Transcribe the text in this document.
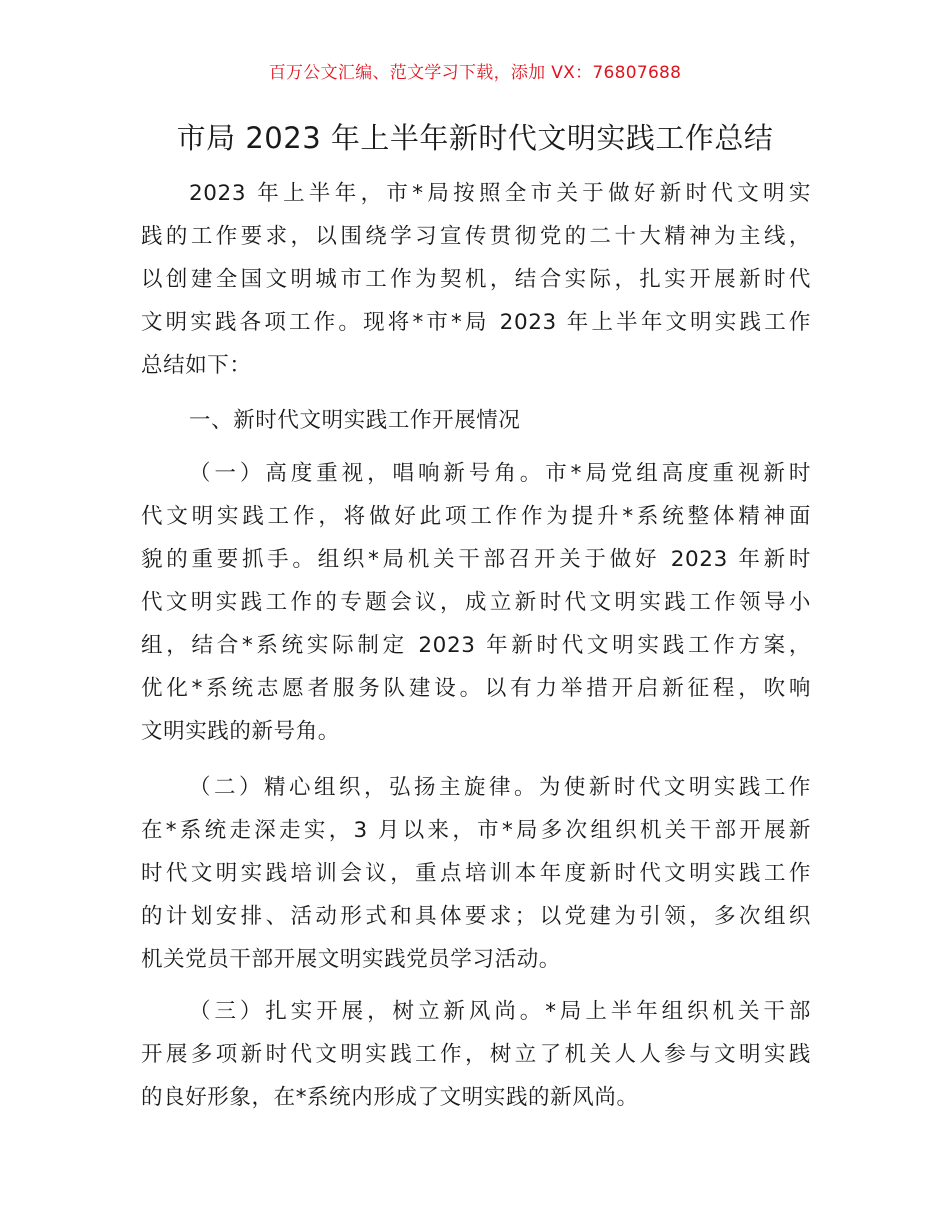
百万公文汇编、范文学习下载，添加 VX：76807688
市局 2023 年上半年新时代文明实践工作总结
2023 年上半年，市*局按照全市关于做好新时代文明实
践的工作要求，以围绕学习宣传贯彻党的二十大精神为主线，
以创建全国文明城市工作为契机，结合实际，扎实开展新时代
文明实践各项工作。现将*市*局 2023 年上半年文明实践工作
总结如下：
一、新时代文明实践工作开展情况
（一）高度重视，唱响新号角。市*局党组高度重视新时
代文明实践工作，将做好此项工作作为提升*系统整体精神面
貌的重要抓手。组织*局机关干部召开关于做好 2023 年新时
代文明实践工作的专题会议，成立新时代文明实践工作领导小
组，结合*系统实际制定 2023 年新时代文明实践工作方案，
优化*系统志愿者服务队建设。以有力举措开启新征程，吹响
文明实践的新号角。
（二）精心组织，弘扬主旋律。为使新时代文明实践工作
在*系统走深走实，3 月以来，市*局多次组织机关干部开展新
时代文明实践培训会议，重点培训本年度新时代文明实践工作
的计划安排、活动形式和具体要求；以党建为引领，多次组织
机关党员干部开展文明实践党员学习活动。
（三）扎实开展，树立新风尚。*局上半年组织机关干部
开展多项新时代文明实践工作，树立了机关人人参与文明实践
的良好形象，在*系统内形成了文明实践的新风尚。
